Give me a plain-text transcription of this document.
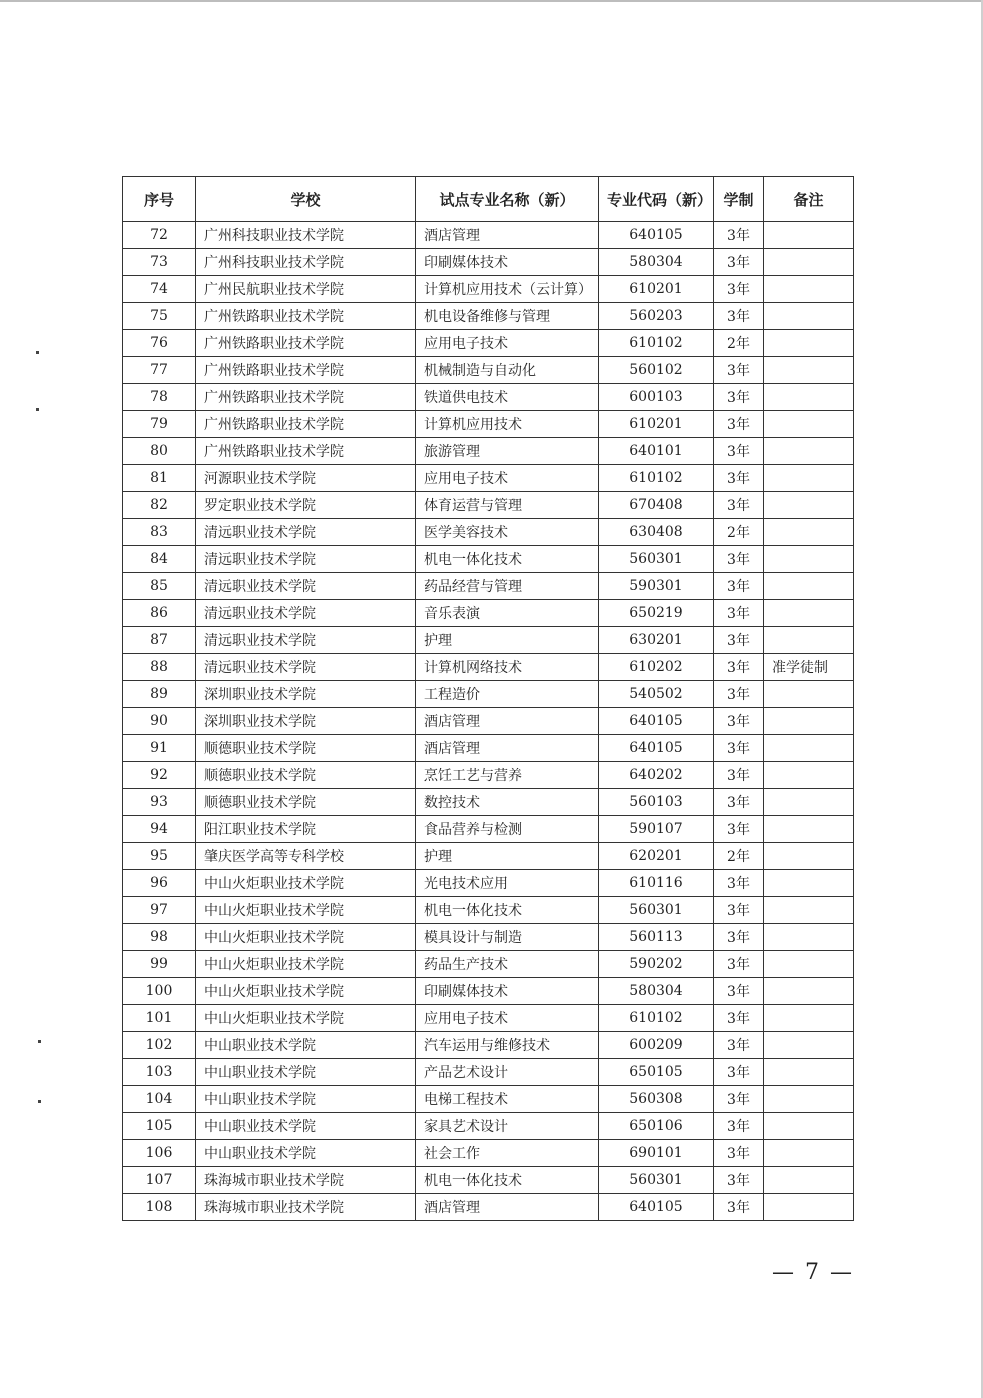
序号	学校	试点专业名称（新）	专业代码（新）	学制	备注
72	广州科技职业技术学院	酒店管理	640105	3年	
73	广州科技职业技术学院	印刷媒体技术	580304	3年	
74	广州民航职业技术学院	计算机应用技术（云计算）	610201	3年	
75	广州铁路职业技术学院	机电设备维修与管理	560203	3年	
76	广州铁路职业技术学院	应用电子技术	610102	2年	
77	广州铁路职业技术学院	机械制造与自动化	560102	3年	
78	广州铁路职业技术学院	铁道供电技术	600103	3年	
79	广州铁路职业技术学院	计算机应用技术	610201	3年	
80	广州铁路职业技术学院	旅游管理	640101	3年	
81	河源职业技术学院	应用电子技术	610102	3年	
82	罗定职业技术学院	体育运营与管理	670408	3年	
83	清远职业技术学院	医学美容技术	630408	2年	
84	清远职业技术学院	机电一体化技术	560301	3年	
85	清远职业技术学院	药品经营与管理	590301	3年	
86	清远职业技术学院	音乐表演	650219	3年	
87	清远职业技术学院	护理	630201	3年	
88	清远职业技术学院	计算机网络技术	610202	3年	准学徒制
89	深圳职业技术学院	工程造价	540502	3年	
90	深圳职业技术学院	酒店管理	640105	3年	
91	顺德职业技术学院	酒店管理	640105	3年	
92	顺德职业技术学院	烹饪工艺与营养	640202	3年	
93	顺德职业技术学院	数控技术	560103	3年	
94	阳江职业技术学院	食品营养与检测	590107	3年	
95	肇庆医学高等专科学校	护理	620201	2年	
96	中山火炬职业技术学院	光电技术应用	610116	3年	
97	中山火炬职业技术学院	机电一体化技术	560301	3年	
98	中山火炬职业技术学院	模具设计与制造	560113	3年	
99	中山火炬职业技术学院	药品生产技术	590202	3年	
100	中山火炬职业技术学院	印刷媒体技术	580304	3年	
101	中山火炬职业技术学院	应用电子技术	610102	3年	
102	中山职业技术学院	汽车运用与维修技术	600209	3年	
103	中山职业技术学院	产品艺术设计	650105	3年	
104	中山职业技术学院	电梯工程技术	560308	3年	
105	中山职业技术学院	家具艺术设计	650106	3年	
106	中山职业技术学院	社会工作	690101	3年	
107	珠海城市职业技术学院	机电一体化技术	560301	3年	
108	珠海城市职业技术学院	酒店管理	640105	3年	
— 7 —
